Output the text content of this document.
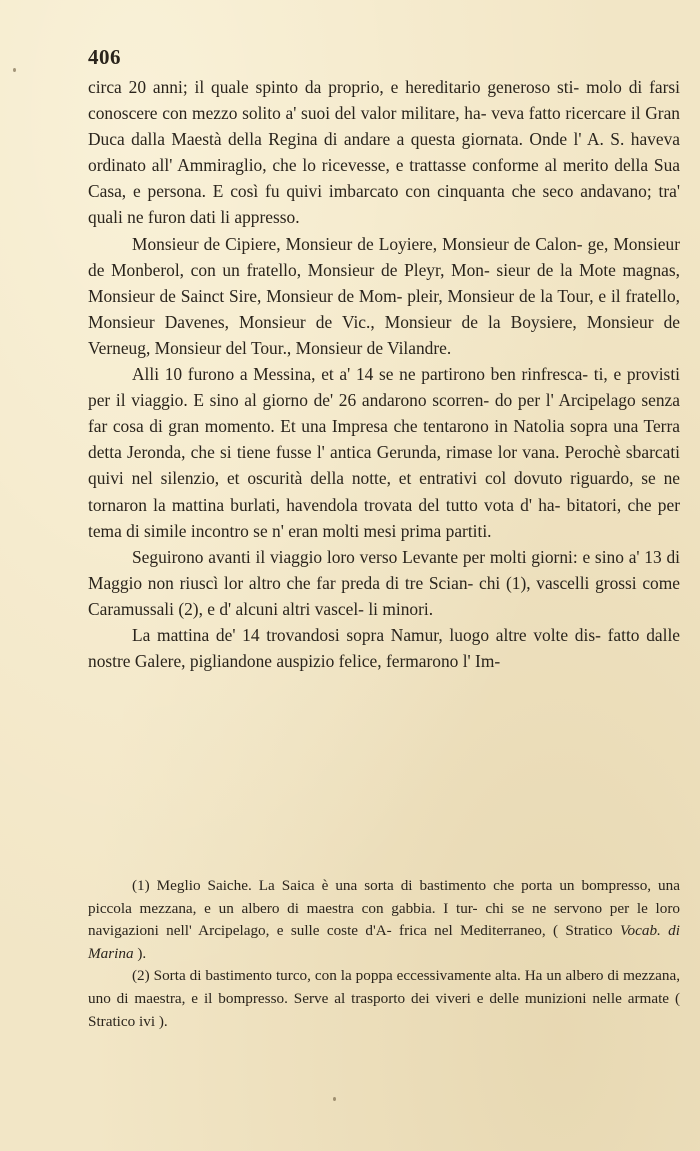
406

circa 20 anni; il quale spinto da proprio, e hereditario generoso sti- molo di farsi conoscere con mezzo solito a' suoi del valor militare, ha- veva fatto ricercare il Gran Duca dalla Maestà della Regina di andare a questa giornata. Onde l' A. S. haveva ordinato all' Ammiraglio, che lo ricevesse, e trattasse conforme al merito della Sua Casa, e persona. E così fu quivi imbarcato con cinquanta che seco andavano; tra' quali ne furon dati li appresso.

Monsieur de Cipiere, Monsieur de Loyiere, Monsieur de Calon- ge, Monsieur de Monberol, con un fratello, Monsieur de Pleyr, Mon- sieur de la Mote magnas, Monsieur de Sainct Sire, Monsieur de Mom- pleir, Monsieur de la Tour, e il fratello, Monsieur Davenes, Monsieur de Vic., Monsieur de la Boysiere, Monsieur de Verneug, Monsieur del Tour., Monsieur de Vilandre.

Alli 10 furono a Messina, et a' 14 se ne partirono ben rinfresca- ti, e provisti per il viaggio. E sino al giorno de' 26 andarono scorren- do per l' Arcipelago senza far cosa di gran momento. Et una Impresa che tentarono in Natolia sopra una Terra detta Jeronda, che si tiene fusse l' antica Gerunda, rimase lor vana. Perochè sbarcati quivi nel silenzio, et oscurità della notte, et entrativi col dovuto riguardo, se ne tornaron la mattina burlati, havendola trovata del tutto vota d' ha- bitatori, che per tema di simile incontro se n' eran molti mesi prima partiti.

Seguirono avanti il viaggio loro verso Levante per molti giorni: e sino a' 13 di Maggio non riuscì lor altro che far preda di tre Scian- chi (1), vascelli grossi come Caramussali (2), e d' alcuni altri vascel- li minori.

La mattina de' 14 trovandosi sopra Namur, luogo altre volte dis- fatto dalle nostre Galere, pigliandone auspizio felice, fermarono l' Im-

(1) Meglio Saiche. La Saica è una sorta di bastimento che porta un bompresso, una piccola mezzana, e un albero di maestra con gabbia. I tur- chi se ne servono per le loro navigazioni nell' Arcipelago, e sulle coste d'A- frica nel Mediterraneo, ( Stratico Vocab. di Marina ).

(2) Sorta di bastimento turco, con la poppa eccessivamente alta. Ha un albero di mezzana, uno di maestra, e il bompresso. Serve al trasporto dei viveri e delle munizioni nelle armate ( Stratico ivi ).
